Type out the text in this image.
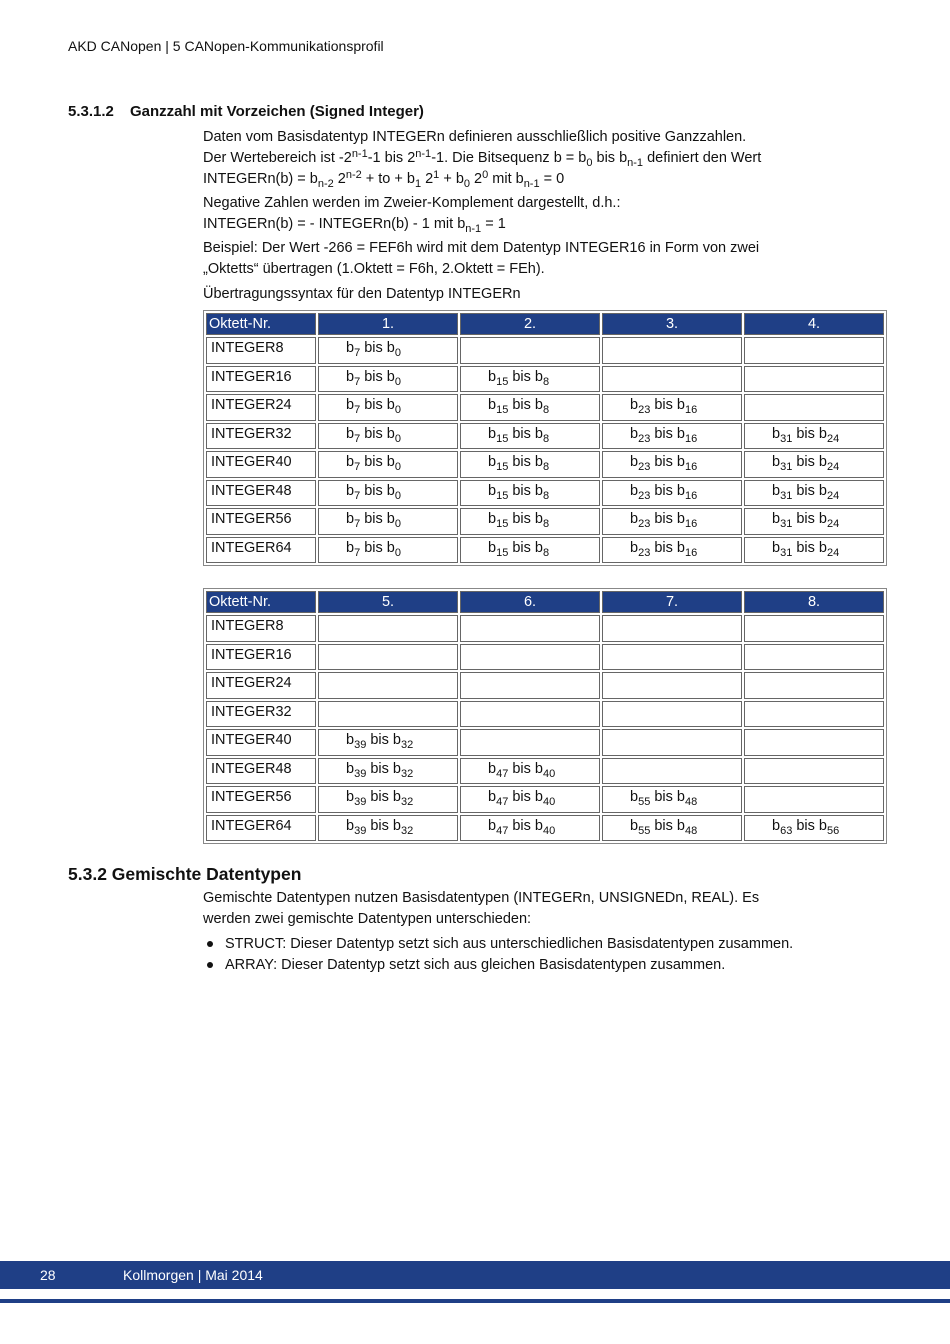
AKD CANopen | 5 CANopen-Kommunikationsprofil
5.3.1.2 Ganzzahl mit Vorzeichen (Signed Integer)
Daten vom Basisdatentyp INTEGERn definieren ausschließlich positive Ganzzahlen.
Der Wertebereich ist -2$^{n-1}$-1 bis 2$^{n-1}$-1. Die Bitsequenz $b = b_0$ bis $b_{n-1}$ definiert den Wert
INTEGERn(b) = $b_{n-2}$ $2^{n-2}$ + to + $b_1$ $2^1 + b_0$ $2^0$ mit $b_{n-1} = 0$
Negative Zahlen werden im Zweier-Komplement dargestellt, d.h.:
INTEGERn(b) = - INTEGERn(b) - 1 mit $b_{n-1} = 1$
Beispiel: Der Wert -266 = FEF6h wird mit dem Datentyp INTEGER16 in Form von zwei
„Oktetts“ übertragen (1.Oktett = F6h, 2.Oktett = FEh).
Übertragungssyntax für den Datentyp INTEGERn
Oktett-Nr.	1.	2.	3.	4.
INTEGER8	$b_7$ bis $b_0$			
INTEGER16	$b_7$ bis $b_0$	$b_{15}$ bis $b_8$		
INTEGER24	$b_7$ bis $b_0$	$b_{15}$ bis $b_8$	$b_{23}$ bis $b_{16}$	
INTEGER32	$b_7$ bis $b_0$	$b_{15}$ bis $b_8$	$b_{23}$ bis $b_{16}$	$b_{31}$ bis $b_{24}$
INTEGER40	$b_7$ bis $b_0$	$b_{15}$ bis $b_8$	$b_{23}$ bis $b_{16}$	$b_{31}$ bis $b_{24}$
INTEGER48	$b_7$ bis $b_0$	$b_{15}$ bis $b_8$	$b_{23}$ bis $b_{16}$	$b_{31}$ bis $b_{24}$
INTEGER56	$b_7$ bis $b_0$	$b_{15}$ bis $b_8$	$b_{23}$ bis $b_{16}$	$b_{31}$ bis $b_{24}$
INTEGER64	$b_7$ bis $b_0$	$b_{15}$ bis $b_8$	$b_{23}$ bis $b_{16}$	$b_{31}$ bis $b_{24}$
Oktett-Nr.	5.	6.	7.	8.
INTEGER8				
INTEGER16				
INTEGER24				
INTEGER32				
INTEGER40	$b_{39}$ bis $b_{32}$			
INTEGER48	$b_{39}$ bis $b_{32}$	$b_{47}$ bis $b_{40}$		
INTEGER56	$b_{39}$ bis $b_{32}$	$b_{47}$ bis $b_{40}$	$b_{55}$ bis $b_{48}$	
INTEGER64	$b_{39}$ bis $b_{32}$	$b_{47}$ bis $b_{40}$	$b_{55}$ bis $b_{48}$	$b_{63}$ bis $b_{56}$
5.3.2 Gemischte Datentypen
Gemischte Datentypen nutzen Basisdatentypen (INTEGERn, UNSIGNEDn, REAL). Es
werden zwei gemischte Datentypen unterschieden:
STRUCT: Dieser Datentyp setzt sich aus unterschiedlichen Basisdatentypen zusammen.
ARRAY: Dieser Datentyp setzt sich aus gleichen Basisdatentypen zusammen.
28	Kollmorgen | Mai 2014
